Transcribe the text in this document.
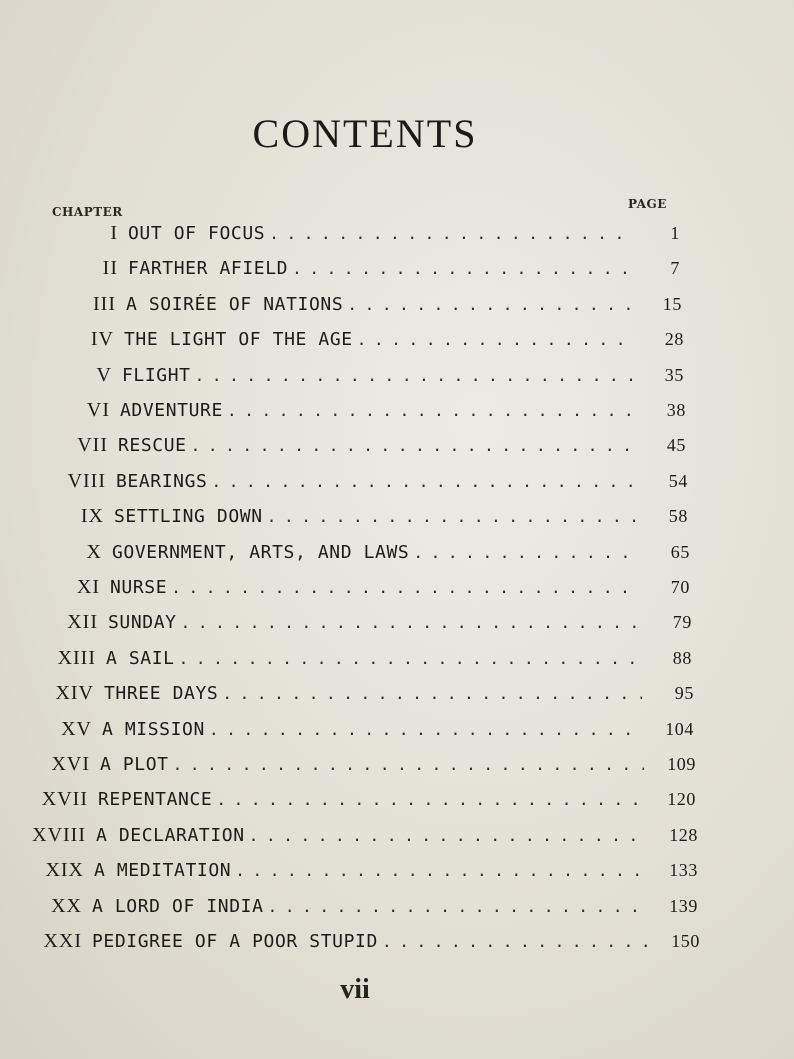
CONTENTS
CHAPTER
PAGE
I OUT OF FOCUS . . .	1
II FARTHER AFIELD . . .	7
III A SOIRÉE OF NATIONS . . .	15
IV THE LIGHT OF THE AGE . . .	28
V FLIGHT . . .	35
VI ADVENTURE . . .	38
VII RESCUE . . .	45
VIII BEARINGS . . .	54
IX SETTLING DOWN . . .	58
X GOVERNMENT, ARTS, AND LAWS . . .	65
XI NURSE . . .	70
XII SUNDAY . . .	79
XIII A SAIL . . .	88
XIV THREE DAYS . . .	95
XV A MISSION . . .	104
XVI A PLOT . . .	109
XVII REPENTANCE . . .	120
XVIII A DECLARATION . . .	128
XIX A MEDITATION . . .	133
XX A LORD OF INDIA . . .	139
XXI PEDIGREE OF A POOR STUPID . . .	150
vii
